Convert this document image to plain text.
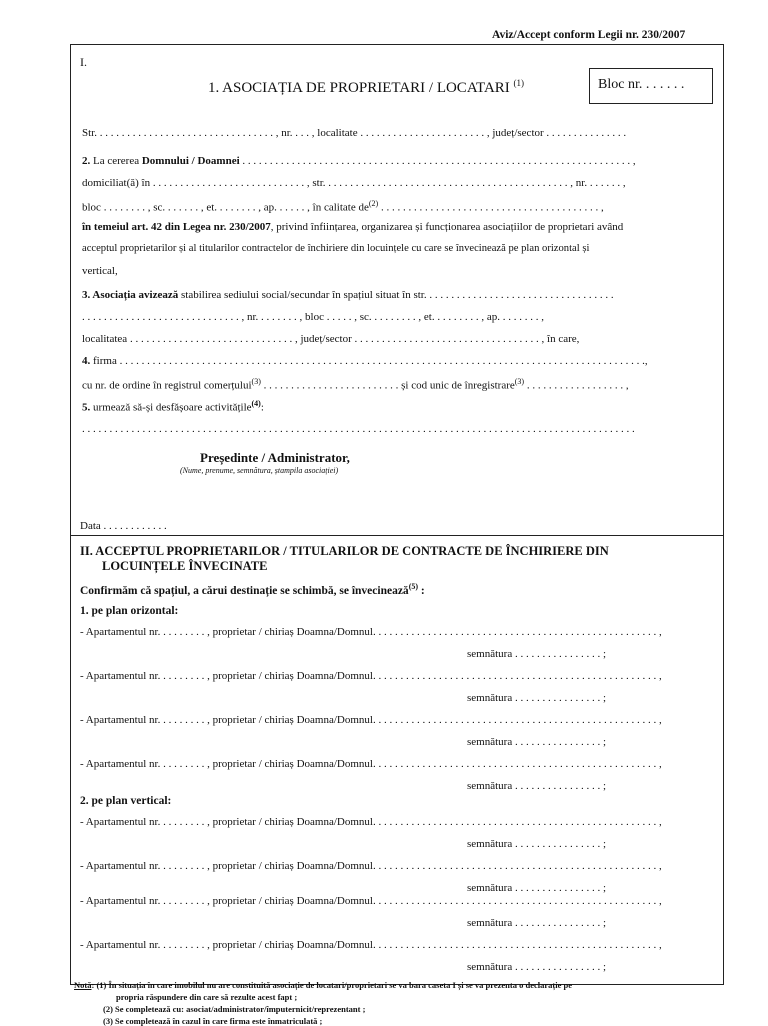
Aviz/Accept conform Legii nr. 230/2007
I.
1. ASOCIAȚIA DE PROPRIETARI / LOCATARI $^{(1)}$	Bloc nr. . . . . . .
Str. . . . . . . . . . . . . . . . . . . . . . . . . . . . . . . . . , nr. . . . , localitate . . . . . . . . . . . . . . . . . . . . . . . , județ/sector . . . . . . . . . . . . . . .
2. La cererea Domnului / Doamnei . . . . . . . . . . . . . . . . . . . . . . . . . . . . . . . . . . . . . . . . . . . . . . . . . . . . . . . . . . . . . . . . . . . . . . . ,
domiciliat(ă) în . . . . . . . . . . . . . . . . . . . . . . . . . . . . , str. . . . . . . . . . . . . . . . . . . . . . . . . . . . . . . . . . . . . . . . . . . . . , nr. . . . . . . ,
bloc . . . . . . . . , sc. . . . . . . , et. . . . . . . . , ap. . . . . . , în calitate $de^{(2)}$ . . . . . . . . . . . . . . . . . . . . . . . . . . . . . . . . . . . . . . . . ,
în temeiul art. 42 din Legea nr. 230/2007, privind înființarea, organizarea și funcționarea asociațiilor de proprietari având
acceptul proprietarilor și al titularilor contractelor de închiriere din locuințele cu care se învecinează pe plan orizontal și
vertical,
3. Asociația avizează stabilirea sediului social/secundar în spațiul situat în str. . . . . . . . . . . . . . . . . . . . . . . . . . . . . . . . . . .
. . . . . . . . . . . . . . . . . . . . . . . . . . . . . , nr. . . . . . . . , bloc . . . . . , sc. . . . . . . . . , et. . . . . . . . . , ap. . . . . . . . ,
localitatea . . . . . . . . . . . . . . . . . . . . . . . . . . . . . . , județ/sector . . . . . . . . . . . . . . . . . . . . . . . . . . . . . . . . . . , în care,
4. firma . . . . . . . . . . . . . . . . . . . . . . . . . . . . . . . . . . . . . . . . . . . . . . . . . . . . . . . . . . . . . . . . . . . . . . . . . . . . . . . . . . . . . . . . . . . . . . . .,
cu nr. de ordine în registrul comerțului$^{(3)}$ . . . . . . . . . . . . . . . . . . . . . . . . . și cod unic de înregistrare$^{(3)}$ . . . . . . . . . . . . . . . . . . ,
5. urmează să-și desfășoare activitățile$^{(4)}$:
. . . . . . . . . . . . . . . . . . . . . . . . . . . . . . . . . . . . . . . . . . . . . . . . . . . . . . . . . . . . . . . . . . . . . . . . . . . . . . . . . . . . . . . . . . . . . . . . . . . . .
Președinte / Administrator,
(Nume, prenume, semnătura, ștampila asociației)
Data . . . . . . . . . . . .
II. ACCEPTUL PROPRIETARILOR / TITULARILOR DE CONTRACTE DE ÎNCHIRIERE DIN
LOCUINȚELE ÎNVECINATE
Confirmăm că spațiul, a cărui destinație se schimbă, se învecinează$^{(5)}$ :
1. pe plan orizontal:
- Apartamentul nr. . . . . . . . . , proprietar / chiriaș Doamna/Domnul. . . . . . . . . . . . . . . . . . . . . . . . . . . . . . . . . . . . . . . . . . . . . . . . . . . . ,
semnătura . . . . . . . . . . . . . . . . ;
- Apartamentul nr. . . . . . . . . , proprietar / chiriaș Doamna/Domnul. . . . . . . . . . . . . . . . . . . . . . . . . . . . . . . . . . . . . . . . . . . . . . . . . . . . ,
semnătura . . . . . . . . . . . . . . . . ;
- Apartamentul nr. . . . . . . . . , proprietar / chiriaș Doamna/Domnul. . . . . . . . . . . . . . . . . . . . . . . . . . . . . . . . . . . . . . . . . . . . . . . . . . . . ,
semnătura . . . . . . . . . . . . . . . . ;
- Apartamentul nr. . . . . . . . . , proprietar / chiriaș Doamna/Domnul. . . . . . . . . . . . . . . . . . . . . . . . . . . . . . . . . . . . . . . . . . . . . . . . . . . . ,
semnătura . . . . . . . . . . . . . . . . ;
2. pe plan vertical:
- Apartamentul nr. . . . . . . . . , proprietar / chiriaș Doamna/Domnul. . . . . . . . . . . . . . . . . . . . . . . . . . . . . . . . . . . . . . . . . . . . . . . . . . . . ,
semnătura . . . . . . . . . . . . . . . . ;
- Apartamentul nr. . . . . . . . . , proprietar / chiriaș Doamna/Domnul. . . . . . . . . . . . . . . . . . . . . . . . . . . . . . . . . . . . . . . . . . . . . . . . . . . . ,
semnătura . . . . . . . . . . . . . . . . ;
- Apartamentul nr. . . . . . . . . , proprietar / chiriaș Doamna/Domnul. . . . . . . . . . . . . . . . . . . . . . . . . . . . . . . . . . . . . . . . . . . . . . . . . . . . ,
semnătura . . . . . . . . . . . . . . . . ;
- Apartamentul nr. . . . . . . . . , proprietar / chiriaș Doamna/Domnul. . . . . . . . . . . . . . . . . . . . . . . . . . . . . . . . . . . . . . . . . . . . . . . . . . . . ,
semnătura . . . . . . . . . . . . . . . . ;
Notă: (1) În situația în care imobilul nu are constituită asociație de locatari/proprietari se va bara caseta I și se va prezenta o declarație pe
propria răspundere din care să rezulte acest fapt ;
(2) Se completează cu: asociat/administrator/împuternicit/reprezentant ;
(3) Se completează în cazul în care firma este înmatriculată ;
